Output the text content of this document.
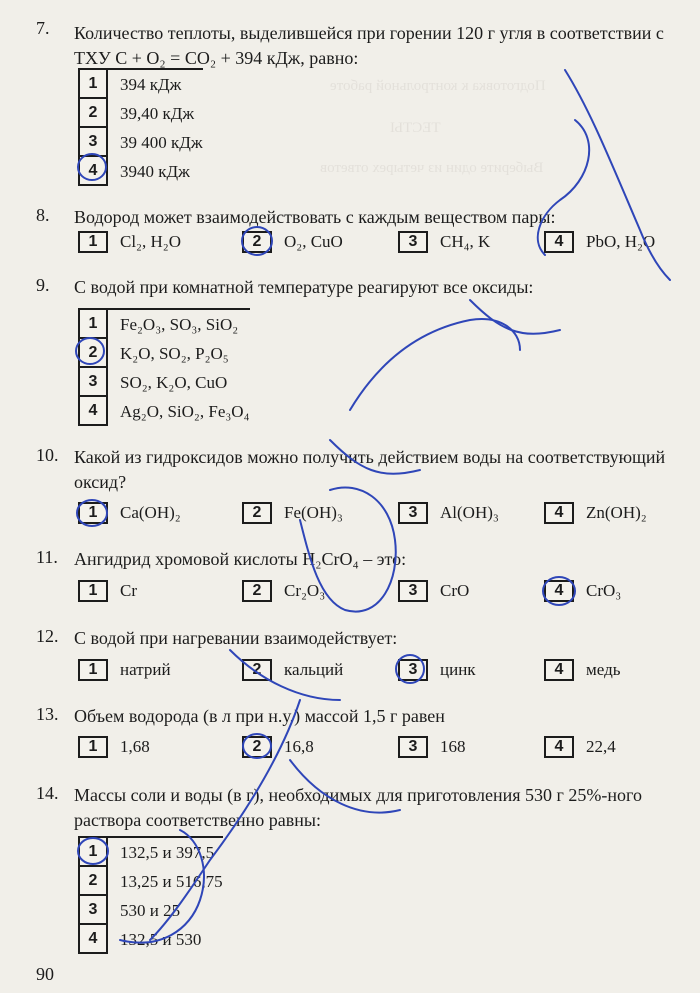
Подготовка к контрольной работе
ТЕСТЫ
Выберите один из четырех ответов
7. Количество теплоты, выделившейся при горении 120 г угля в соответствии с ТХУ С + O₂ = CO₂ + 394 кДж, равно:
1	394 кДж
2	39,40 кДж
3	39 400 кДж
4	3940 кДж
8. Водород может взаимодействовать с каждым веществом пары:
1	Cl₂, H₂O	2	O₂, CuO	3	CH₄, K	4	PbO, H₂O
9. С водой при комнатной температуре реагируют все оксиды:
1	Fe₂O₃, SO₃, SiO₂
2	K₂O, SO₂, P₂O₅
3	SO₂, K₂O, CuO
4	Ag₂O, SiO₂, Fe₃O₄
10. Какой из гидроксидов можно получить действием воды на соответствующий оксид?
1	Ca(OH)₂	2	Fe(OH)₃	3	Al(OH)₃	4	Zn(OH)₂
11. Ангидрид хромовой кислоты H₂CrO₄ – это:
1	Cr	2	Cr₂O₃	3	CrO	4	CrO₃
12. С водой при нагревании взаимодействует:
1	натрий	2	кальций	3	цинк	4	медь
13. Объем водорода (в л при н.у.) массой 1,5 г равен
1	1,68	2	16,8	3	168	4	22,4
14. Массы соли и воды (в г), необходимых для приготовления 530 г 25%-ного раствора соответственно равны:
1	132,5 и 397,5
2	13,25 и 516,75
3	530 и 25
4	132,5 и 530
90
